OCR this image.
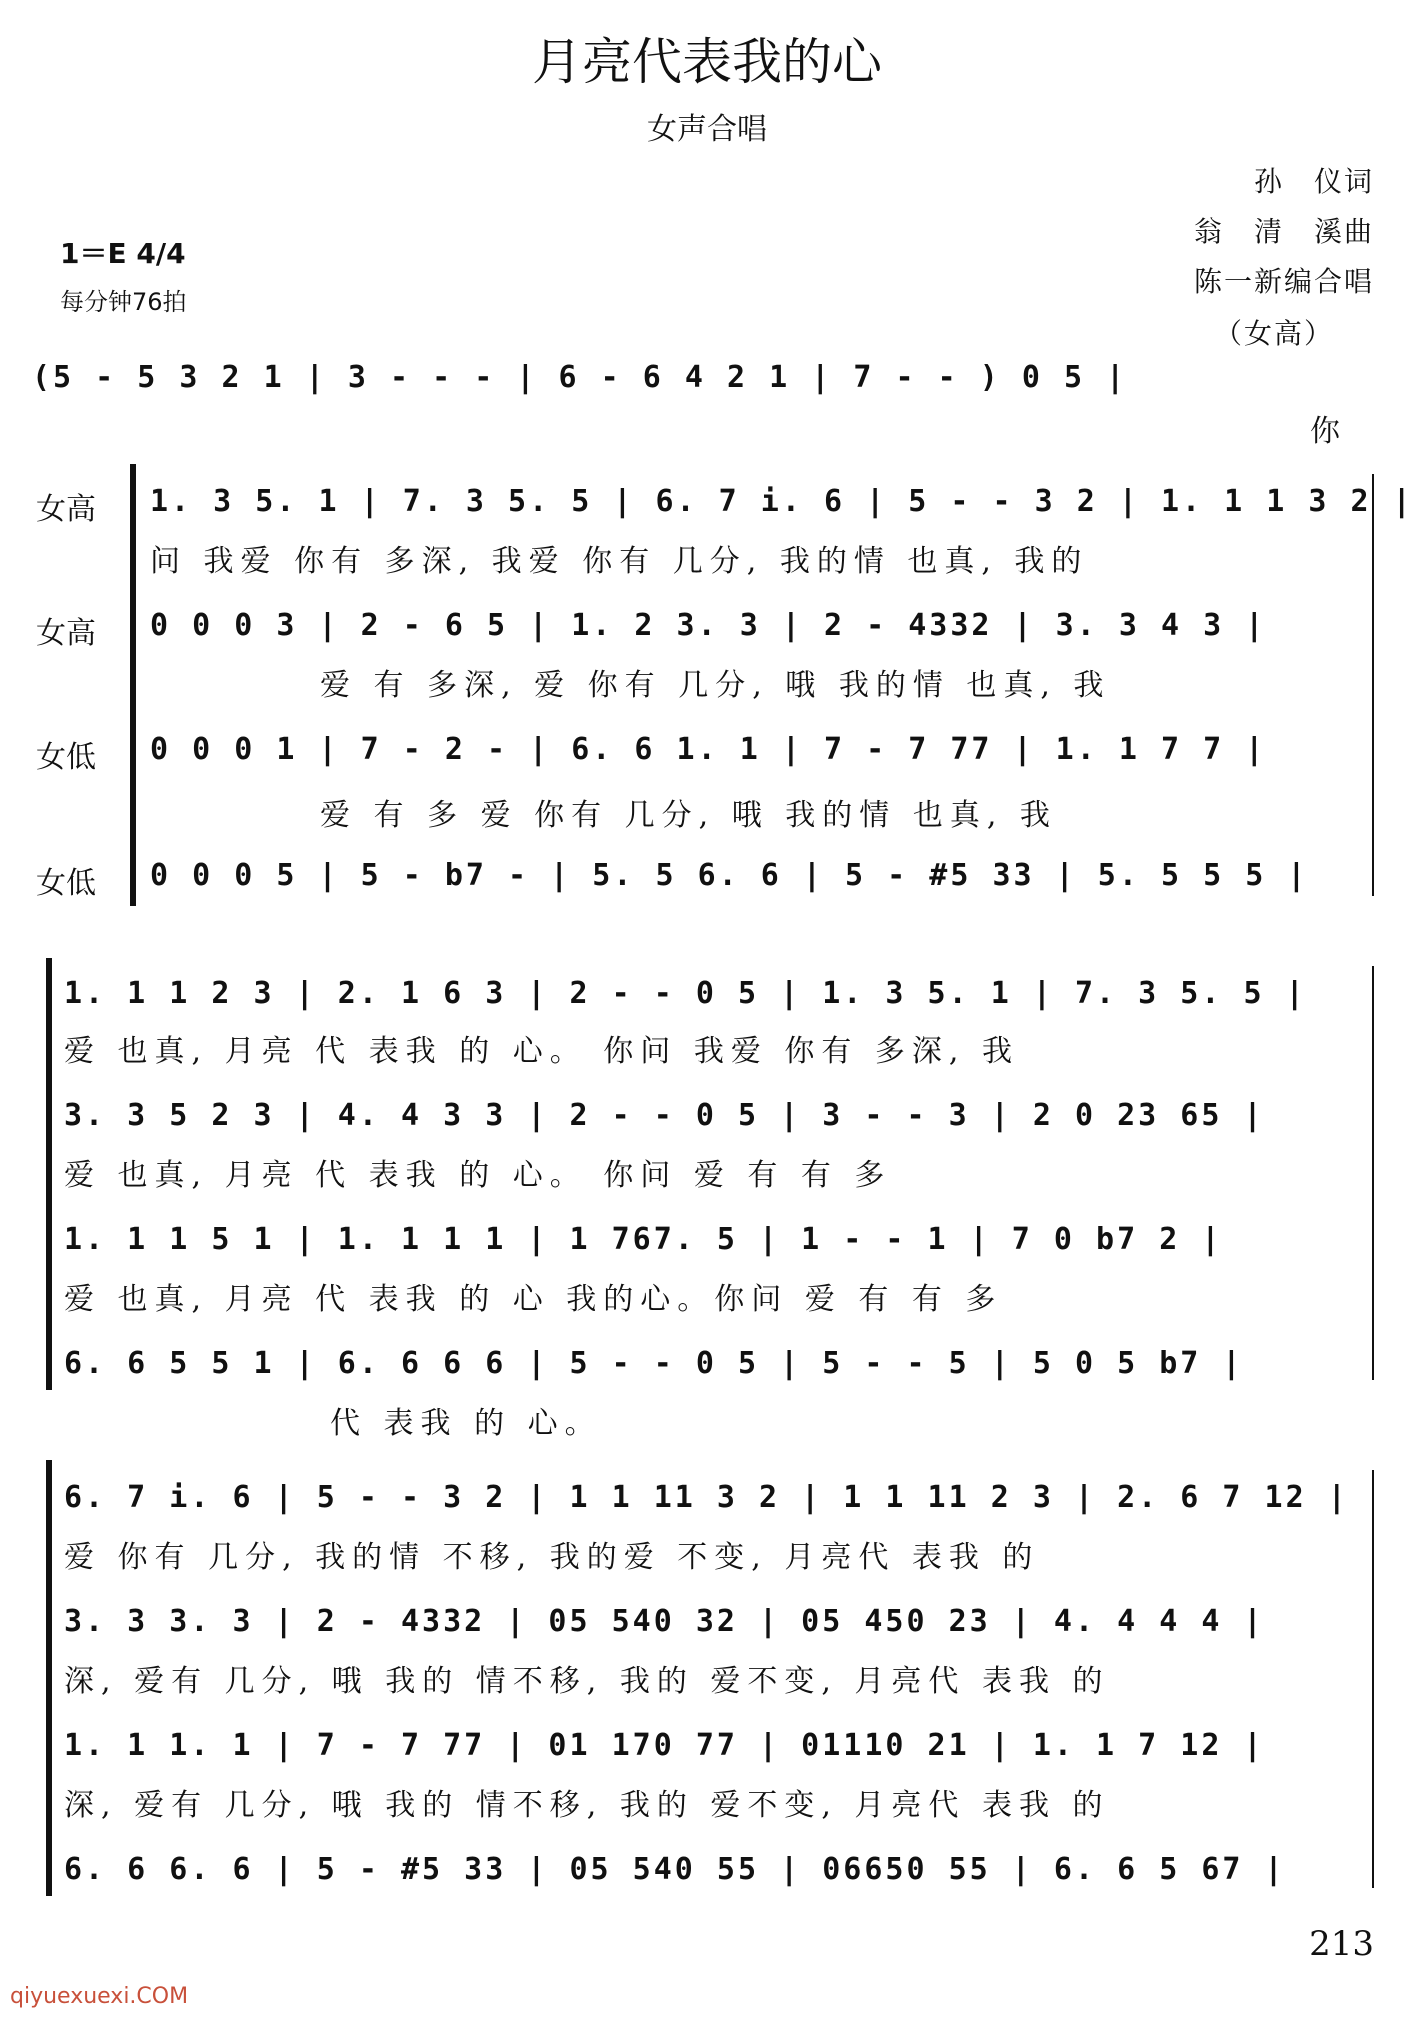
月亮代表我的心
女声合唱
孙　仪词
翁　清　溪曲
陈一新编合唱
（女高）
1＝E 4/4
每分钟76拍
(5 - 5 3 2 1 | 3 - - - | 6 - 6 4 2 1 | 7 - - ) 0 5 |
你
女高 1. 3 5. 1 | 7. 3 5. 5 | 6. 7 i. 6 | 5 - - 3 2 | 1. 1 1 3 2 |
问 我爱 你有 多深, 我爱 你有 几分, 我的情 也真, 我的
女高 0 0 0 3 | 2 - 6 5 | 1. 2 3. 3 | 2 - 4332 | 3. 3 4 3 |
爱 有 多深, 爱 你有 几分, 哦 我的情 也真, 我
女低 0 0 0 1 | 7 - 2 - | 6. 6 1. 1 | 7 - 7 77 | 1. 1 7 7 |
爱 有 多 爱 你有 几分, 哦 我的情 也真, 我
女低 0 0 0 5 | 5 - b7 - | 5. 5 6. 6 | 5 - #5 33 | 5. 5 5 5 |
1. 1 1 2 3 | 2. 1 6 3 | 2 - - 0 5 | 1. 3 5. 1 | 7. 3 5. 5 |
爱 也真, 月亮 代 表我 的 心。 你问 我爱 你有 多深, 我
3. 3 5 2 3 | 4. 4 3 3 | 2 - - 0 5 | 3 - - 3 | 2 0 23 65 |
爱 也真, 月亮 代 表我 的 心。 你问 爱 有 有 多
1. 1 1 5 1 | 1. 1 1 1 | 1 767. 5 | 1 - - 1 | 7 0 b7 2 |
爱 也真, 月亮 代 表我 的 心 我的心。你问 爱 有 有 多
6. 6 5 5 1 | 6. 6 6 6 | 5 - - 0 5 | 5 - - 5 | 5 0 5 b7 |
代 表我 的 心。
6. 7 i. 6 | 5 - - 3 2 | 1 1 11 3 2 | 1 1 11 2 3 | 2. 6 7 12 |
爱 你有 几分, 我的情 不移, 我的爱 不变, 月亮代 表我 的
3. 3 3. 3 | 2 - 4332 | 05 540 32 | 05 450 23 | 4. 4 4 4 |
深, 爱有 几分, 哦 我的 情不移, 我的 爱不变, 月亮代 表我 的
1. 1 1. 1 | 7 - 7 77 | 01 170 77 | 01110 21 | 1. 1 7 12 |
深, 爱有 几分, 哦 我的 情不移, 我的 爱不变, 月亮代 表我 的
6. 6 6. 6 | 5 - #5 33 | 05 540 55 | 06650 55 | 6. 6 5 67 |
213
qiyuexuexi.COM
